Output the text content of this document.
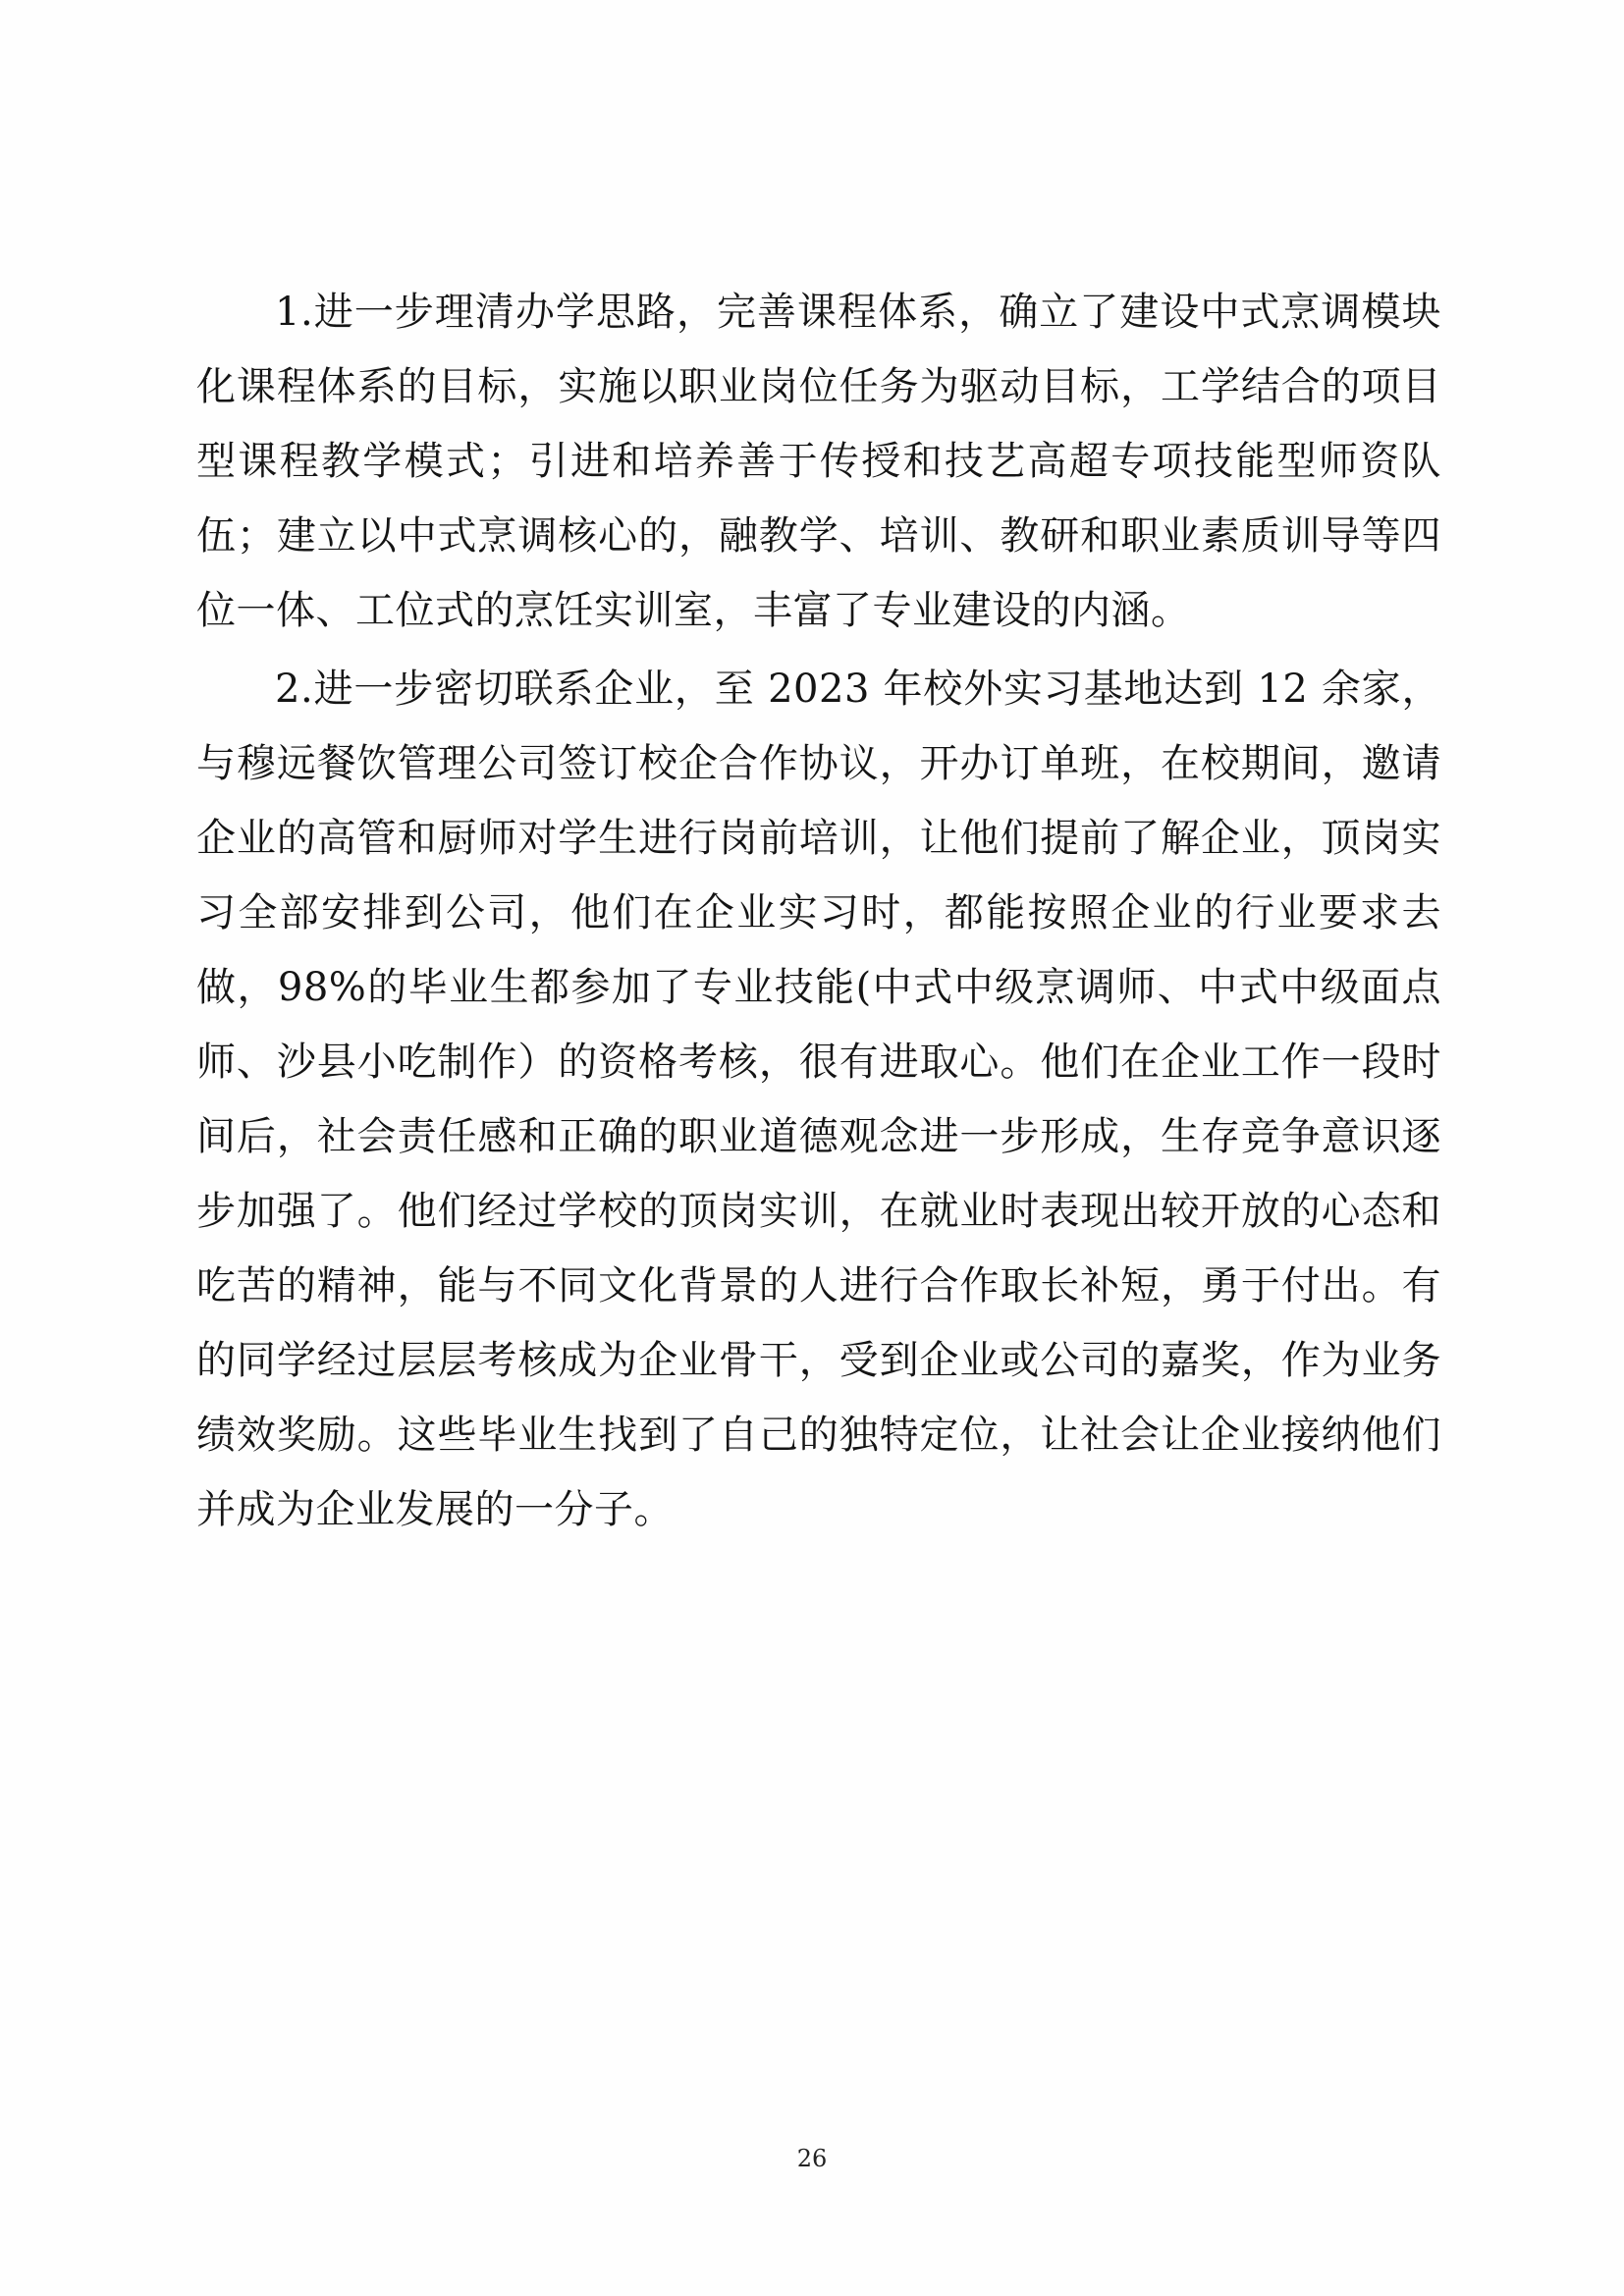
1.进一步理清办学思路，完善课程体系，确立了建设中式烹调模块化课程体系的目标，实施以职业岗位任务为驱动目标，工学结合的项目型课程教学模式；引进和培养善于传授和技艺高超专项技能型师资队伍；建立以中式烹调核心的，融教学、培训、教研和职业素质训导等四位一体、工位式的烹饪实训室，丰富了专业建设的内涵。

2.进一步密切联系企业，至 2023 年校外实习基地达到 12 余家，与穆远餐饮管理公司签订校企合作协议，开办订单班，在校期间，邀请企业的高管和厨师对学生进行岗前培训，让他们提前了解企业，顶岗实习全部安排到公司，他们在企业实习时，都能按照企业的行业要求去做，98%的毕业生都参加了专业技能(中式中级烹调师、中式中级面点师、沙县小吃制作）的资格考核，很有进取心。他们在企业工作一段时间后，社会责任感和正确的职业道德观念进一步形成，生存竞争意识逐步加强了。他们经过学校的顶岗实训，在就业时表现出较开放的心态和吃苦的精神，能与不同文化背景的人进行合作取长补短，勇于付出。有的同学经过层层考核成为企业骨干，受到企业或公司的嘉奖，作为业务绩效奖励。这些毕业生找到了自己的独特定位，让社会让企业接纳他们并成为企业发展的一分子。

26
